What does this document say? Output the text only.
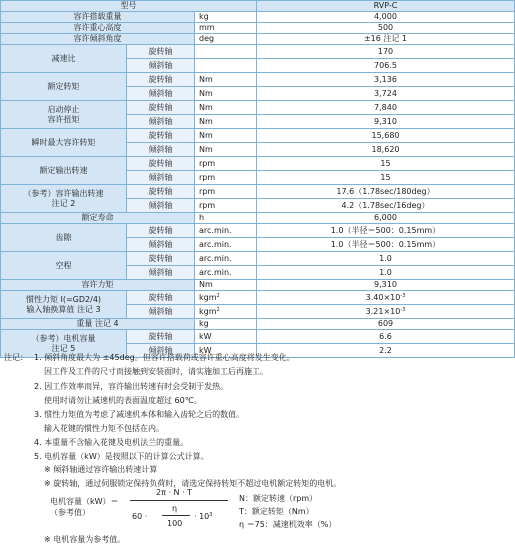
型号			RVP-C
容许搭载重量		kg	4,000
容许重心高度		mm	500
容许倾斜角度		deg	±16 注记 1
减速比	旋转轴		170
	倾斜轴		706.5
额定转矩	旋转轴	Nm	3,136
	倾斜轴	Nm	3,724

启动停止
容许扭矩	旋转轴	Nm	7,840
	倾斜轴	Nm	9,310
瞬时最大容许转矩	旋转轴	Nm	15,680
	倾斜轴	Nm	18,620
额定输出转速	旋转轴	rpm	15
	倾斜轴	rpm	15

（参考）容许输出转速
注记 2	旋转轴	rpm	17.6（1.78sec/180deg）
	倾斜轴	rpm	4.2（1.78sec/16deg）
额定寿命		h	6,000
齿隙	旋转轴	arc.min.	1.0（半径＝500：0.15mm）
	倾斜轴	arc.min.	1.0（半径＝500：0.15mm）
空程	旋转轴	arc.min.	1.0
	倾斜轴	arc.min.	1.0
容许力矩		Nm	9,310

惯性力矩 I(=GD2/4)
输入轴换算值 注记 3	旋转轴	kgm$^2$	$3.40\times 10^{-3}$
	倾斜轴	kgm$^2$	$3.21\times 10^{-3}$
重量 注记 4		kg	609

（参考）电机容量
注记 5	旋转轴	kW	6.6
	倾斜轴	kW	2.2
注记： 1. 倾斜角度最大为 ±45deg。但容许搭载荷或容许重心高度将发生变化。
因工件及工件的尺寸而接触到安装面时，请实施加工后再施工。
2. 因工作效率而异，容许输出转速有时会受制于发热。
使用时请勿让减速机的表面温度超过 60℃。
3. 惯性力矩值为考虑了减速机本体和输入齿轮之后的数值。
输入花键的惯性力矩不包括在内。
4. 本重量不含输入花键及电机法兰的重量。
5. 电机容量（kW）是按照以下的计算公式计算。
※ 倾斜轴通过容许输出转速计算
※ 旋转轴，通过伺服锁定保持负荷时，请选定保持转矩不超过电机额定转矩的电机。
电机容量（kW）＝
（参考值）
2π · N · T
60 ·
η
100
· $10^3$
N：额定转速（rpm）
T：额定转矩（Nm）
η ＝75：减速机效率（%）
※ 电机容量为参考值。
